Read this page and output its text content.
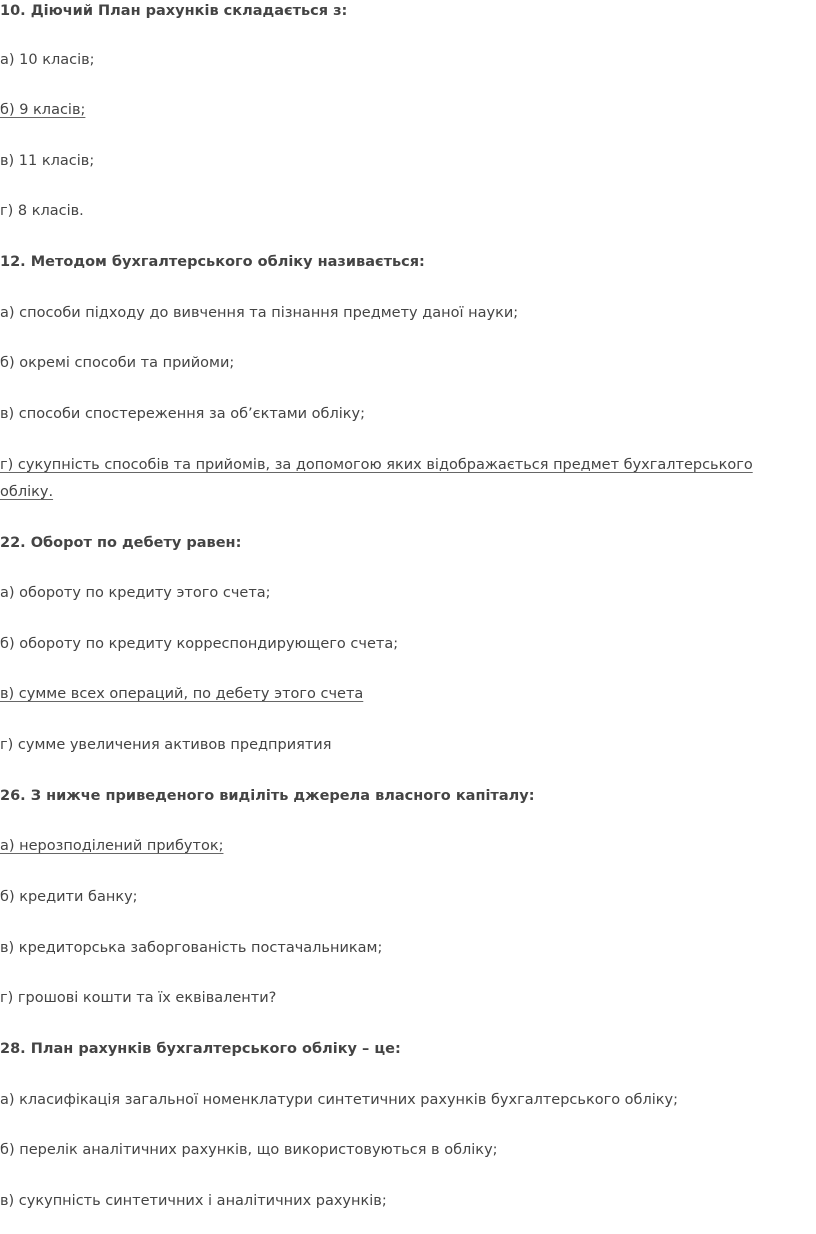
10. Діючий План рахунків складається з:
а) 10 класів;
б) 9 класів;
в) 11 класів;
г) 8 класів.
12. Методом бухгалтерського обліку називається:
а) способи підходу до вивчення та пізнання предмету даної науки;
б) окремі способи та прийоми;
в) способи спостереження за об’єктами обліку;
г) сукупність способів та прийомів, за допомогою яких відображається предмет бухгалтерського обліку.
22. Оборот по дебету равен:
а) обороту по кредиту этого счета;
б) обороту по кредиту корреспондирующего счета;
в) сумме всех операций, по дебету этого счета
г) сумме увеличения активов предприятия
26. З нижче приведеного виділіть джерела власного капіталу:
а) нерозподілений прибуток;
б) кредити банку;
в) кредиторська заборгованість постачальникам;
г) грошові кошти та їх еквіваленти?
28. План рахунків бухгалтерського обліку – це:
а) класифікація загальної номенклатури синтетичних рахунків бухгалтерського обліку;
б) перелік аналітичних рахунків, що використовуються в обліку;
в) сукупність синтетичних і аналітичних рахунків;
